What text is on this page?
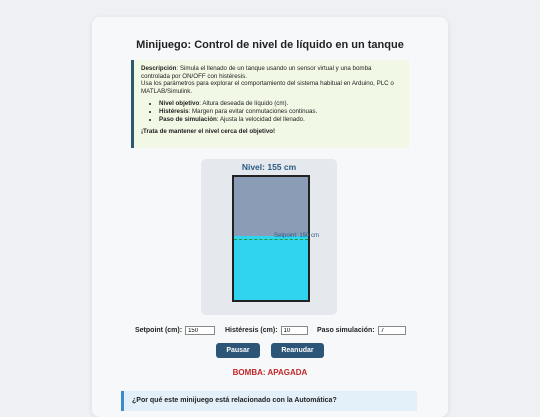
Minijuego: Control de nivel de líquido en un tanque

Descripción: Simula el llenado de un tanque usando un sensor virtual y una bomba controlada por ON/OFF con histéresis.

Usa los parámetros para explorar el comportamiento del sistema habitual en Arduino, PLC o MATLAB/Simulink.

• Nivel objetivo: Altura deseada de líquido (cm).
• Histéresis: Margen para evitar conmutaciones continuas.
• Paso de simulación: Ajusta la velocidad del llenado.

¡Trata de mantener el nivel cerca del objetivo!

Nivel: 155 cm
Setpoint: 150 cm
Setpoint (cm):
150	Histéresis (cm):
10	Paso simulación:
7
Pausar	Reanudar
BOMBA: APAGADA
¿Por qué este minijuego está relacionado con la Automática?
